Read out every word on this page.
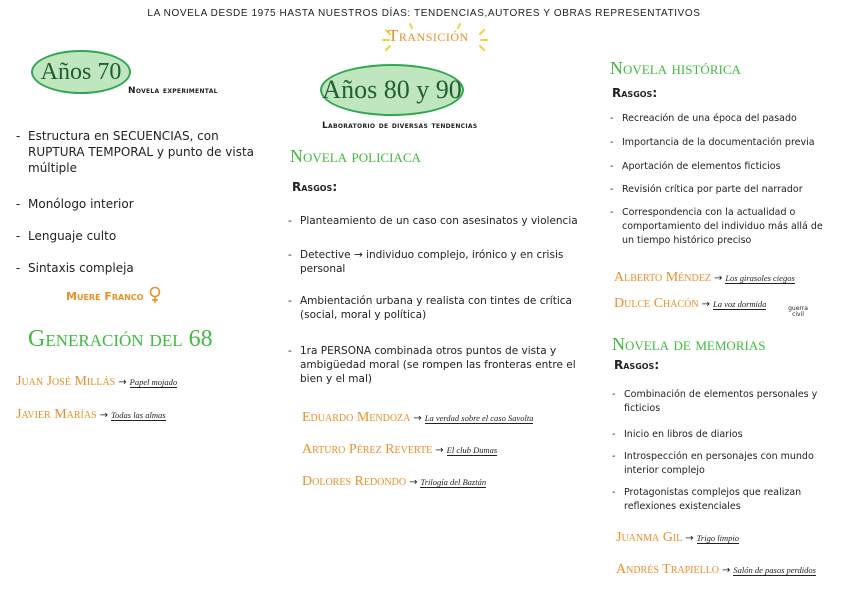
LA NOVELA DESDE 1975 HASTA NUESTROS DÍAS: TENDENCIAS,AUTORES Y OBRAS REPRESENTATIVOS
Transición
Años 70
Novela experimental
- Estructura en SECUENCIAS, con RUPTURA TEMPORAL y punto de vista múltiple
- Monólogo interior
- Lenguaje culto
- Sintaxis compleja
Muere Franco
Generación del 68
Juan José Millás → Papel mojado
Javier Marías → Todas las almas
Años 80 y 90
Laboratorio de diversas tendencias
Novela policiaca
Rasgos:
- Planteamiento de un caso con asesinatos y violencia
- Detective → individuo complejo, irónico y en crisis personal
- Ambientación urbana y realista con tintes de crítica (social, moral y política)
- 1ra PERSONA combinada otros puntos de vista y ambigüedad moral (se rompen las fronteras entre el bien y el mal)
Eduardo Mendoza → La verdad sobre el caso Savolta
Arturo Pérez Reverte → El club Dumas
Dolores Redondo → Trilogía del Baztán
Novela histórica
Rasgos:
- Recreación de una época del pasado
- Importancia de la documentación previa
- Aportación de elementos ficticios
- Revisión crítica por parte del narrador
- Correspondencia con la actualidad o comportamiento del individuo más allá de un tiempo histórico preciso
Alberto Méndez → Los girasoles ciegos
Dulce Chacón → La voz dormida	guerra civil
Novela de memorias
Rasgos:
- Combinación de elementos personales y ficticios
- Inicio en libros de diarios
- Introspección en personajes con mundo interior complejo
- Protagonistas complejos que realizan reflexiones existenciales
Juanma Gil → Trigo limpio
Andrés Trapiello → Salón de pasos perdidos
